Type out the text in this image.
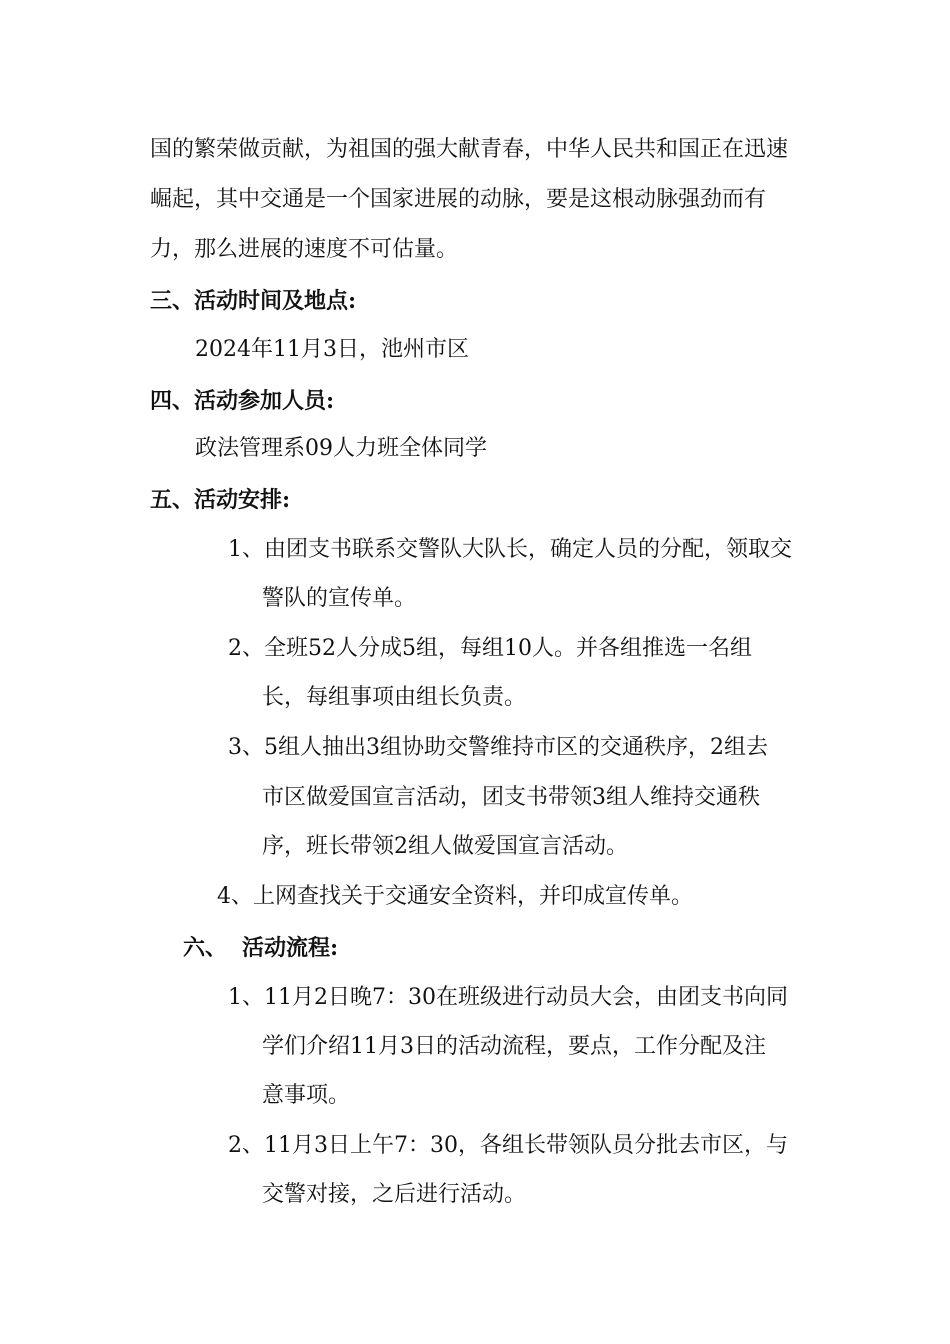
国的繁荣做贡献，为祖国的强大献青春，中华人民共和国正在迅速
崛起，其中交通是一个国家进展的动脉，要是这根动脉强劲而有
力，那么进展的速度不可估量。
三、活动时间及地点:
2024年11月3日，池州市区
四、活动参加人员:
政法管理系09人力班全体同学
五、活动安排:
1、由团支书联系交警队大队长，确定人员的分配，领取交
警队的宣传单。
2、全班52人分成5组，每组10人。并各组推选一名组
长，每组事项由组长负责。
3、5组人抽出3组协助交警维持市区的交通秩序，2组去
市区做爱国宣言活动，团支书带领3组人维持交通秩
序，班长带领2组人做爱国宣言活动。
4、上网查找关于交通安全资料，并印成宣传单。
六、 活动流程:
1、11月2日晚7：30在班级进行动员大会，由团支书向同
学们介绍11月3日的活动流程，要点，工作分配及注
意事项。
2、11月3日上午7：30，各组长带领队员分批去市区，与
交警对接，之后进行活动。
